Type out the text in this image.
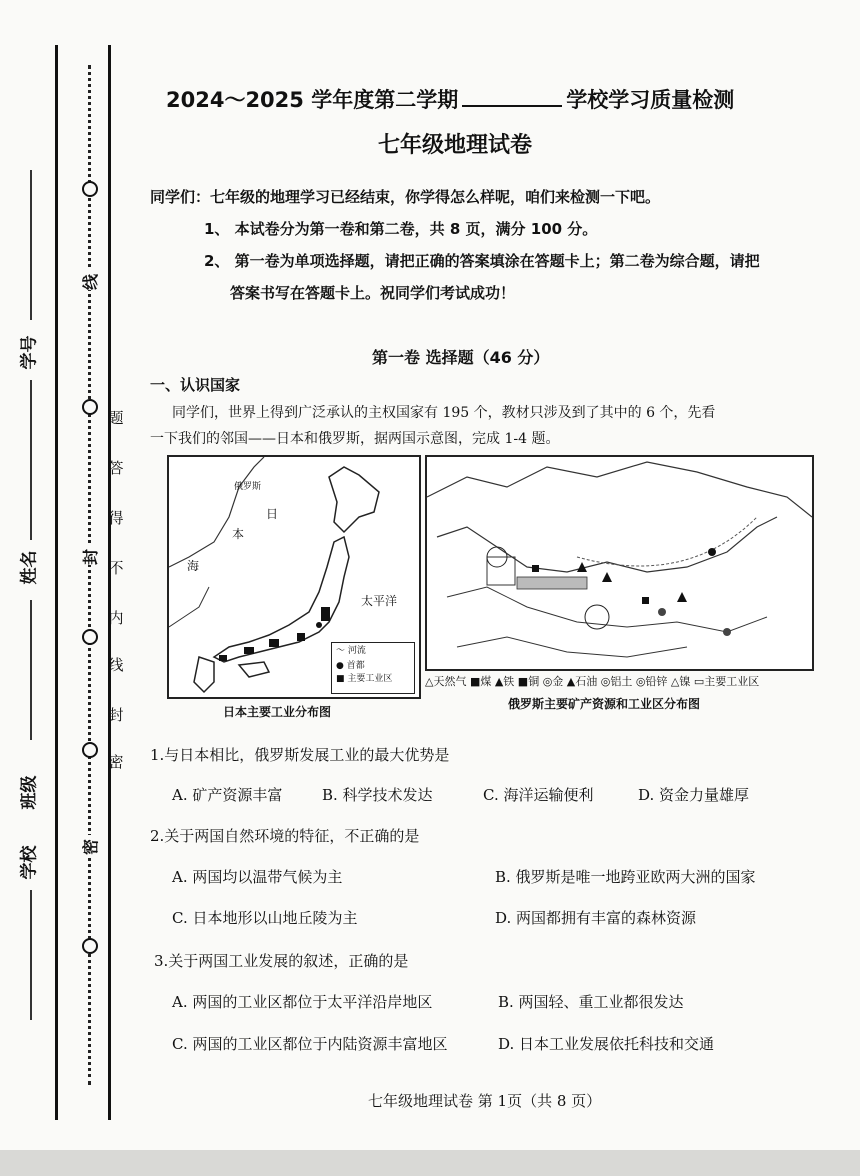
线
封
密
学号
姓名
班级
学校
题
答
得
不
内
线
封
密
2024～2025 学年度第二学期	学校学习质量检测
七年级地理试卷
同学们：七年级的地理学习已经结束，你学得怎么样呢，咱们来检测一下吧。
1、 本试卷分为第一卷和第二卷，共 8 页，满分 100 分。
2、 第一卷为单项选择题，请把正确的答案填涂在答题卡上；第二卷为综合题，请把
答案书写在答题卡上。祝同学们考试成功！
第一卷 选择题（46 分）
一、认识国家
同学们，世界上得到广泛承认的主权国家有 195 个，教材只涉及到了其中的 6 个，先看
一下我们的邻国——日本和俄罗斯，据两国示意图，完成 1-4 题。
俄罗斯
日
本
海
太平洋
〜 河流
● 首都
■ 主要工业区
日本主要工业分布图
△天然气 ■煤 ▲铁 ■铜 ◎金 ▲石油 ◎铝土 ◎铅锌 △镍 ▭主要工业区
俄罗斯主要矿产资源和工业区分布图
1.与日本相比，俄罗斯发展工业的最大优势是
A. 矿产资源丰富	B. 科学技术发达	C. 海洋运输便利	D. 资金力量雄厚
2.关于两国自然环境的特征，不正确的是
A. 两国均以温带气候为主	B. 俄罗斯是唯一地跨亚欧两大洲的国家
C. 日本地形以山地丘陵为主	D. 两国都拥有丰富的森林资源
3.关于两国工业发展的叙述，正确的是
A. 两国的工业区都位于太平洋沿岸地区	B. 两国轻、重工业都很发达
C. 两国的工业区都位于内陆资源丰富地区	D. 日本工业发展依托科技和交通
七年级地理试卷 第 1页（共 8 页）
